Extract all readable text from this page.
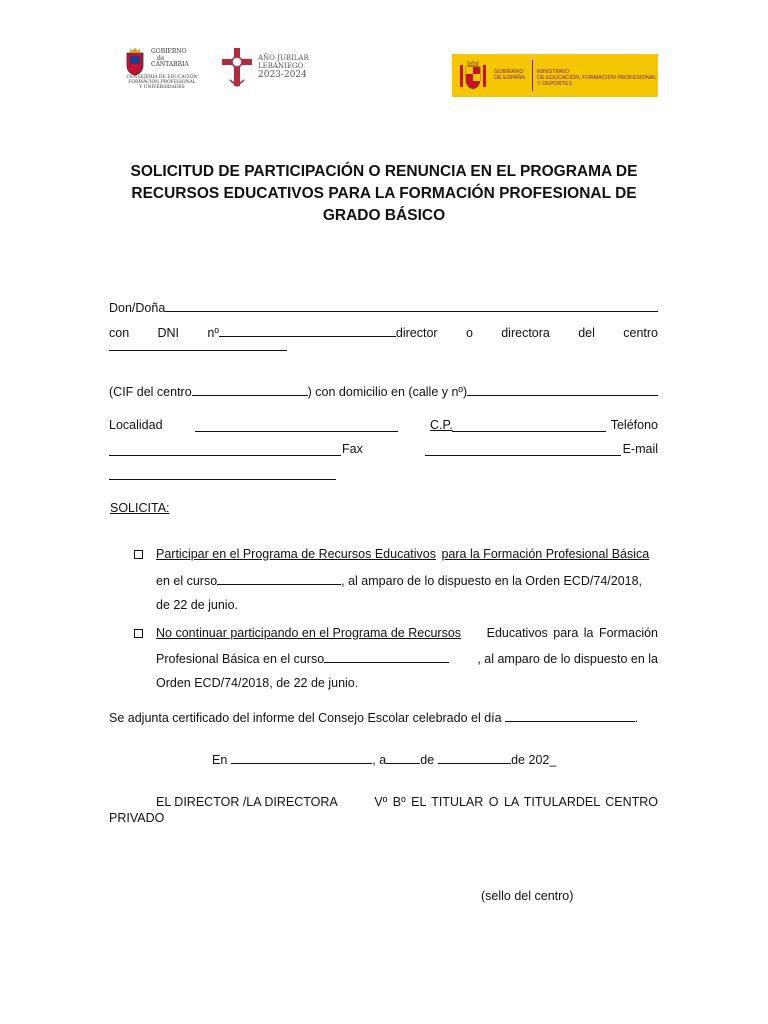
GOBIERNO
de
CANTABRIA
CONSEJERÍA DE EDUCACIÓN
FORMACIÓN PROFESIONAL
Y UNIVERSIDADES
AÑO JUBILAR
LEBANIEGO
2023-2024	GOBIERNO
DE ESPAÑA
MINISTERIO
DE EDUCACIÓN, FORMACIÓN PROFESIONAL
Y DEPORTES
SOLICITUD DE PARTICIPACIÓN O RENUNCIA EN EL PROGRAMA DE
RECURSOS EDUCATIVOS PARA LA FORMACIÓN PROFESIONAL DE
GRADO BÁSICO
Don/Doña
con DNI nº	director o directora del centro
(CIF del centro	) con domicilio en (calle y nº)
Localidad	C.P.	Teléfono
Fax	E-mail
SOLICITA:
Participar en el Programa de Recursos Educativos para la Formación Profesional Básica
en el curso	, al amparo de lo dispuesto en la Orden ECD/74/2018,
de 22 de junio.
No continuar participando en el Programa de Recursos Educativos para la Formación
Profesional Básica en el curso	, al amparo de lo dispuesto en la
Orden ECD/74/2018, de 22 de junio.
Se adjunta certificado del informe del Consejo Escolar celebrado el día	.
En	, a	de	de 202_
EL DIRECTOR /LA DIRECTORA	Vº Bº EL TITULAR O LA TITULARDEL CENTRO
PRIVADO
(sello del centro)
